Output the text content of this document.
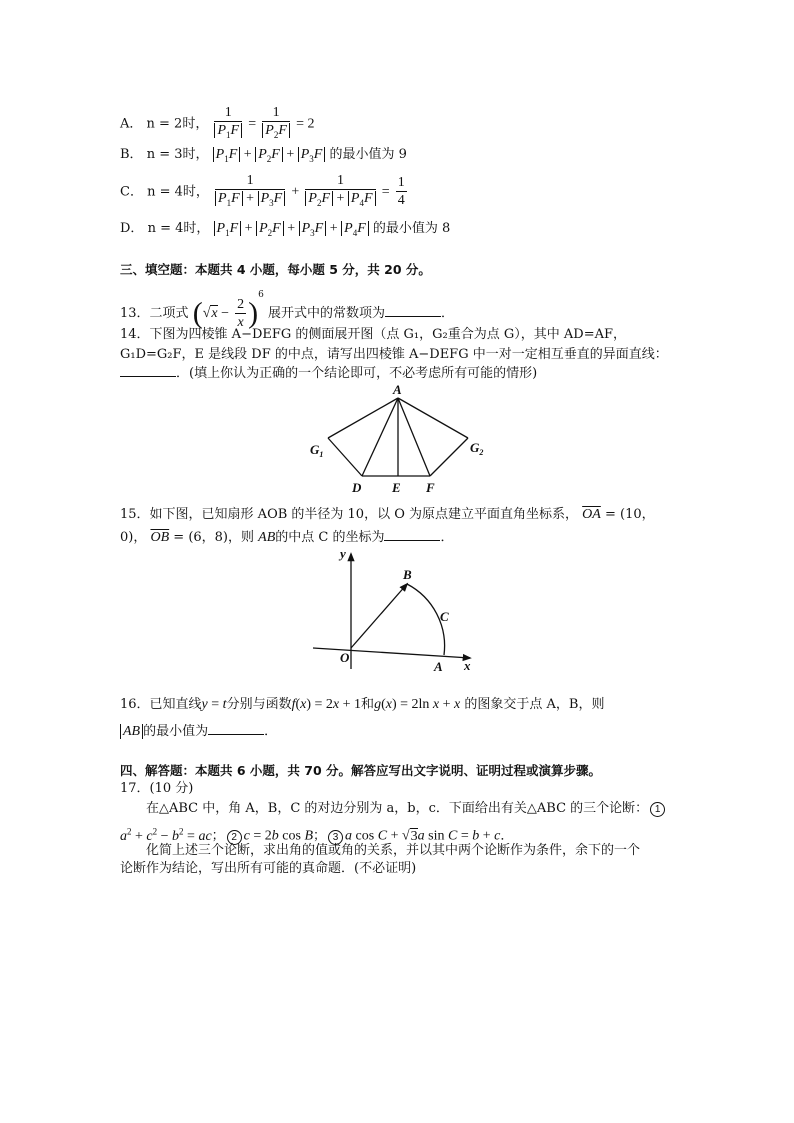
A． n = 2时， $\frac{1}{P_1F} = \frac{1}{P_2F} = 2$
B． n = 3时， $P_1F + P_2F + P_3F$ 的最小值为 9
C． n = 4时， $\frac{1}{P_1F + P_3F} + \frac{1}{P_2F + P_4F} = \frac{1}{4}$
D． n = 4时， $P_1F + P_2F + P_3F + P_4F$ 的最小值为 8
三、填空题：本题共 4 小题，每小题 5 分，共 20 分。
13．二项式 $(√x - \frac{2}{x} )^6$ 展开式中的常数项为	．
14．下图为四棱锥 A−DEFG 的侧面展开图（点 G₁，G₂重合为点 G），其中 AD=AF，
G₁D=G₂F，E 是线段 DF 的中点，请写出四棱锥 A−DEFG 中一对一定相互垂直的异面直线：
．(填上你认为正确的一个结论即可，不必考虑所有可能的情形)
A
$G_1$	$G_2$
D E F
15．如下图，已知扇形 AOB 的半径为 10，以 O 为原点建立平面直角坐标系， $\overline{OA} = (10$，
0)， $\overline{OB} = (6$，8)，则 AB的中点 C 的坐标为	．
y
x
O
A
B
C
16．已知直线y = t分别与函数f(x) = 2x + 1和g(x) = 2ln x + x 的图象交于点 A，B，则
AB 的最小值为	．
四、解答题：本题共 6 小题，共 70 分。解答应写出文字说明、证明过程或演算步骤。
17．(10 分)
在△ABC 中，角 A，B，C 的对边分别为 a，b，c．下面给出有关△ABC 的三个论断： 1
$a^2 + c^2 - b^2$ = ac； 2 c = 2b cos B； 3 a cos C + √3a sin C = b + c．
化简上述三个论断，求出角的值或角的关系，并以其中两个论断作为条件，余下的一个
论断作为结论，写出所有可能的真命题．(不必证明)
